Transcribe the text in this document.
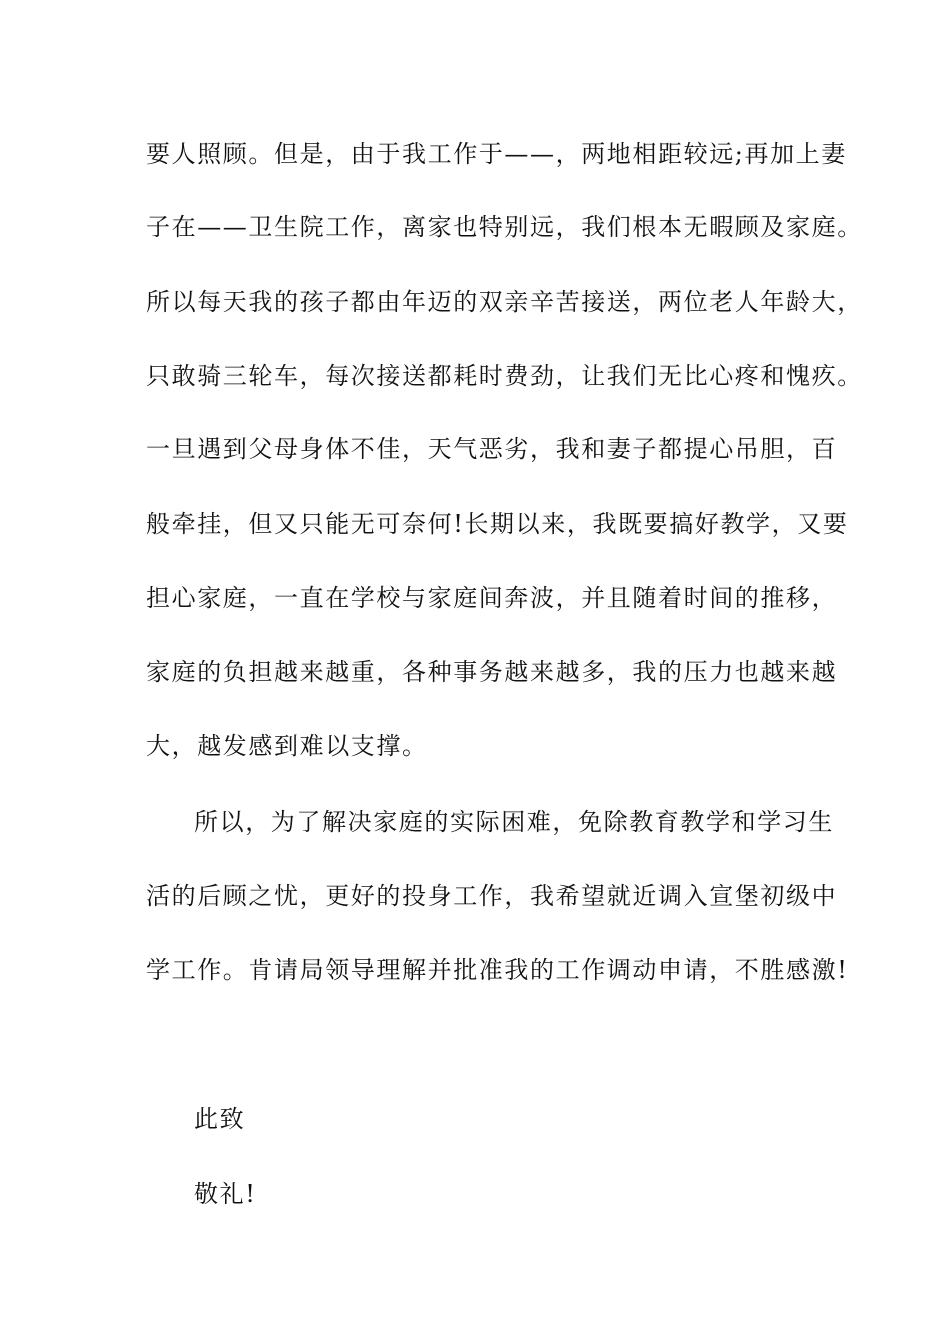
要人照顾。但是，由于我工作于——，两地相距较远;再加上妻
子在——卫生院工作，离家也特别远，我们根本无暇顾及家庭。
所以每天我的孩子都由年迈的双亲辛苦接送，两位老人年龄大，
只敢骑三轮车，每次接送都耗时费劲，让我们无比心疼和愧疚。
一旦遇到父母身体不佳，天气恶劣，我和妻子都提心吊胆，百
般牵挂，但又只能无可奈何!长期以来，我既要搞好教学，又要
担心家庭，一直在学校与家庭间奔波，并且随着时间的推移，
家庭的负担越来越重，各种事务越来越多，我的压力也越来越
大，越发感到难以支撑。
所以，为了解决家庭的实际困难，免除教育教学和学习生
活的后顾之忧，更好的投身工作，我希望就近调入宣堡初级中
学工作。肯请局领导理解并批准我的工作调动申请，不胜感激!
此致
敬礼!
